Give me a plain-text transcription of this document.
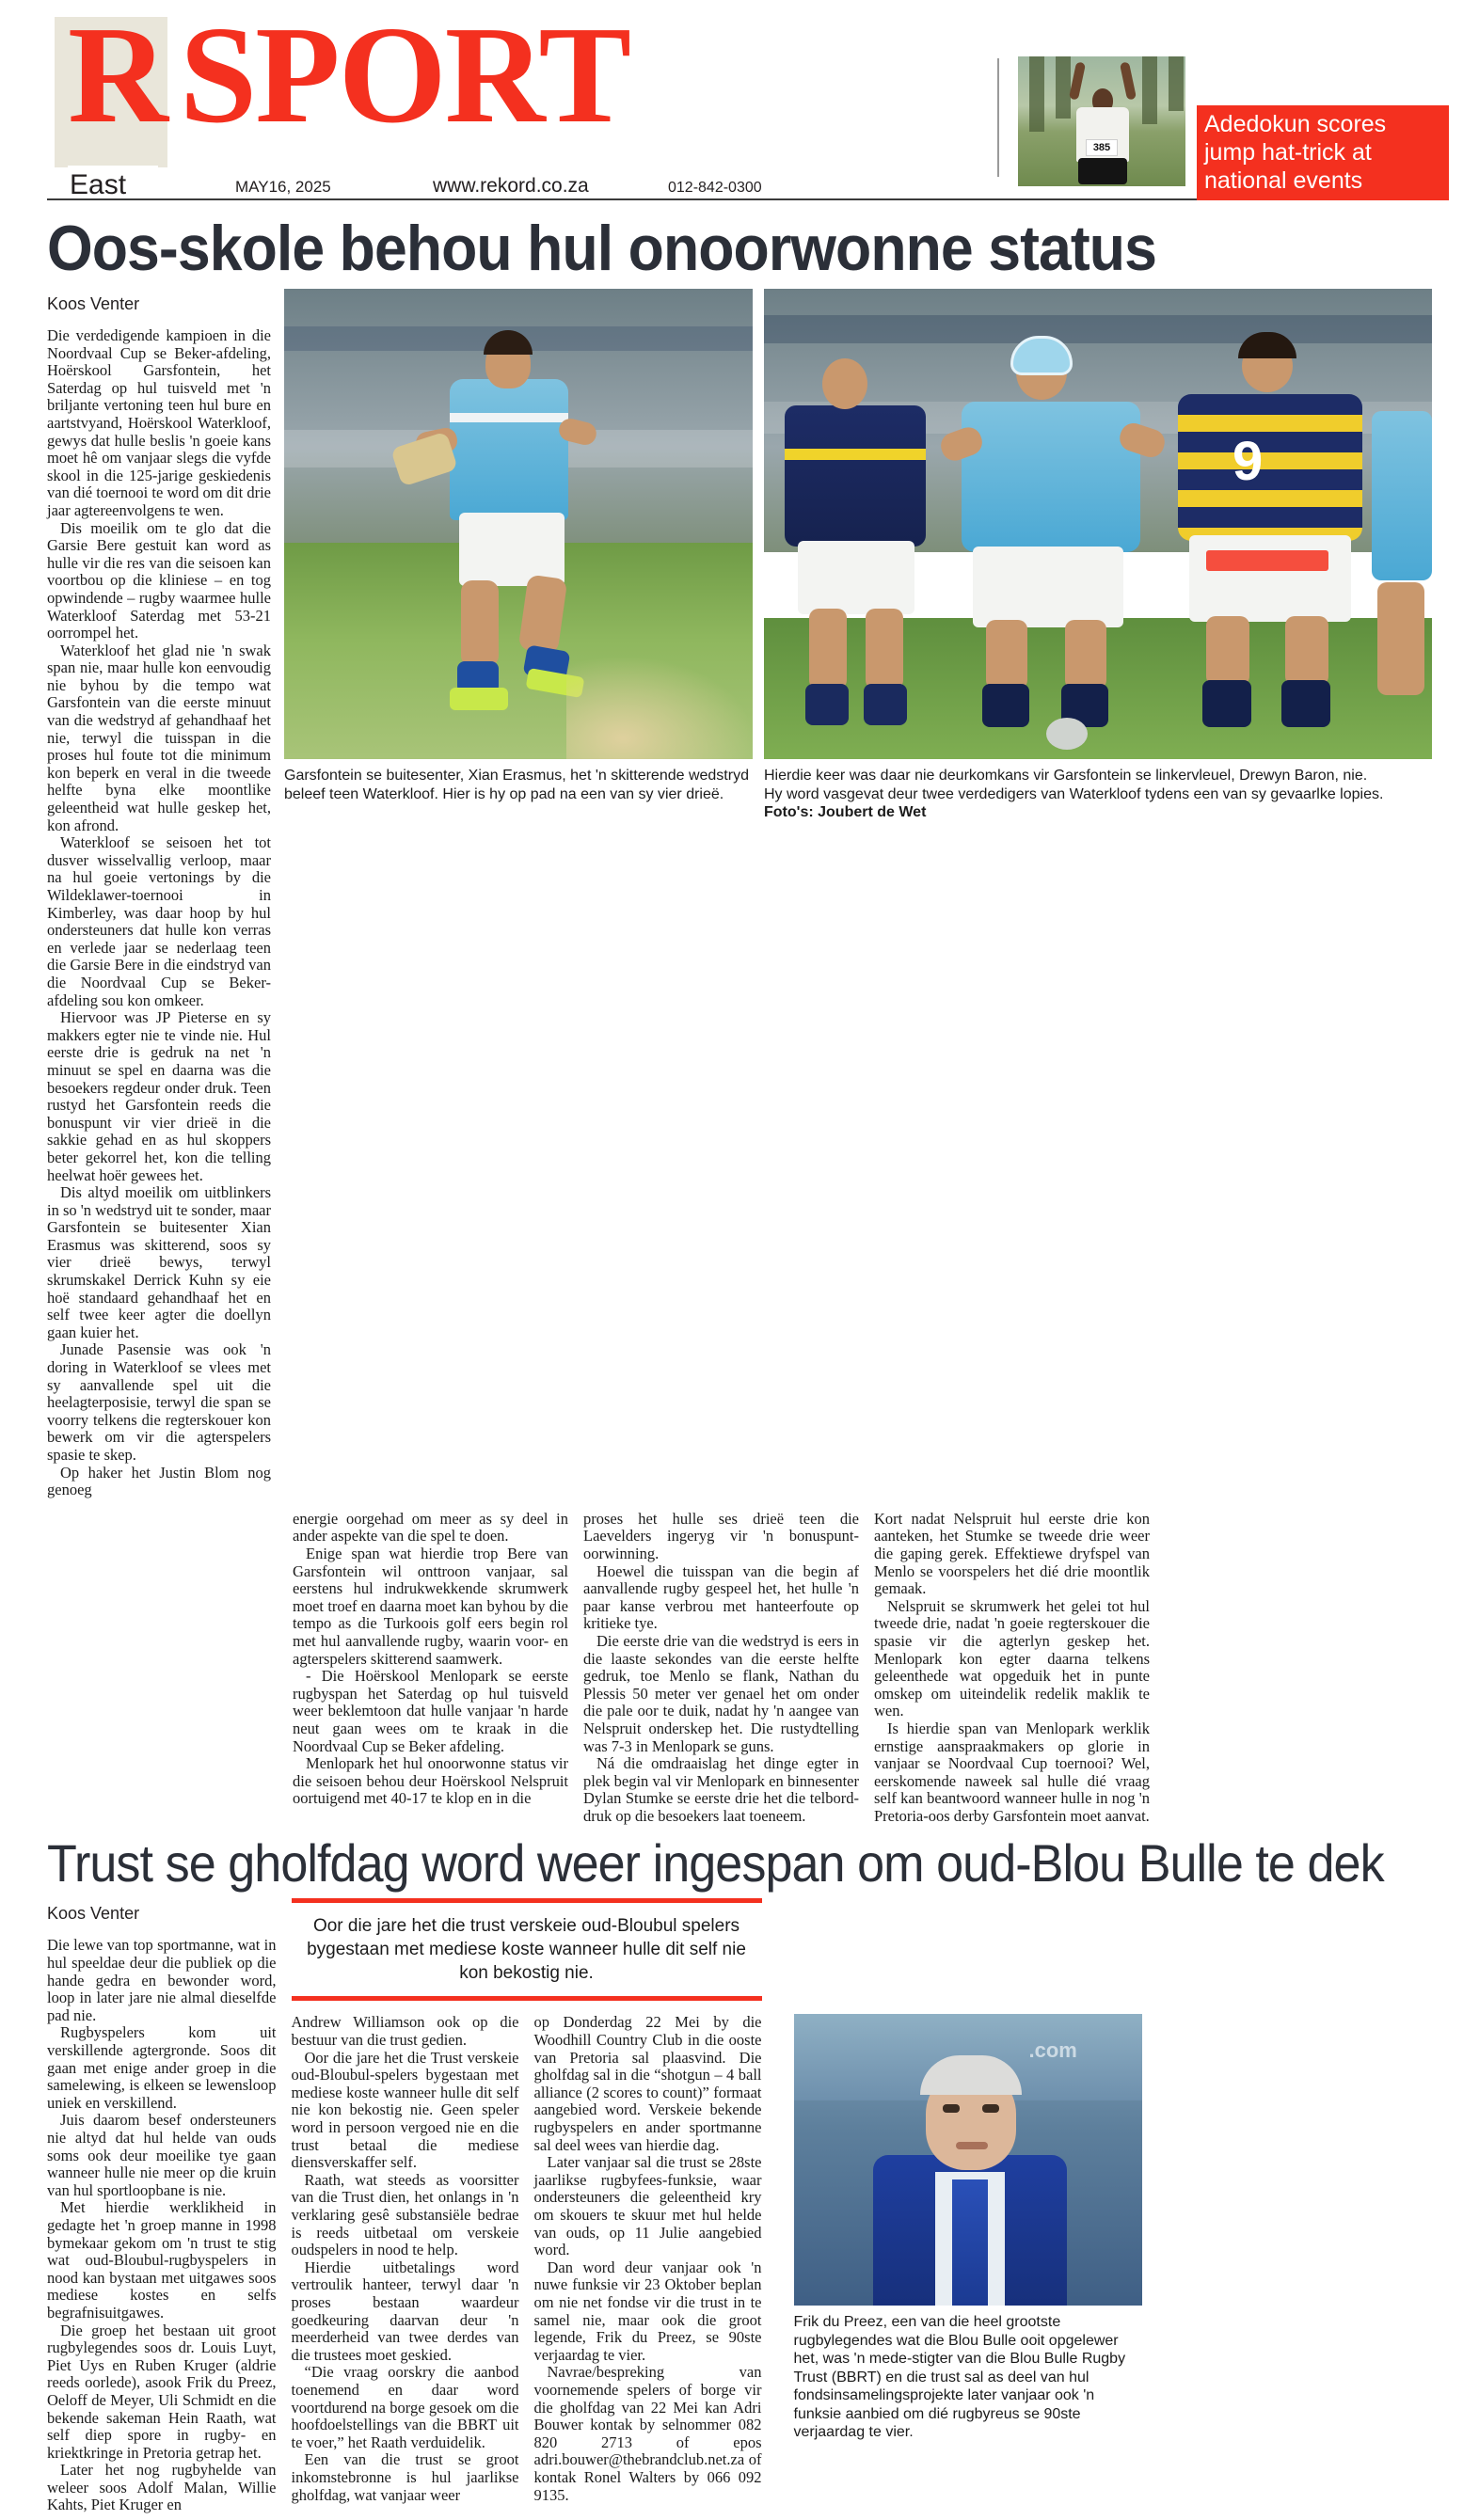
RSPORT
East	MAY16, 2025	www.rekord.co.za	012-842-0300
385
Adedokun scores
jump hat-trick at
national events
Oos-skole behou hul onoorwonne status
Koos Venter

Die verdedigende kampioen in die Noordvaal Cup se Beker-afdeling, Hoërskool Garsfontein, het Saterdag op hul tuisveld met 'n briljante vertoning teen hul bure en aartstvyand, Hoërskool Waterkloof, gewys dat hulle beslis 'n goeie kans moet hê om vanjaar slegs die vyfde skool in die 125-jarige geskiedenis van dié toernooi te word om dit drie jaar agtereenvolgens te wen.

Dis moeilik om te glo dat die Garsie Bere gestuit kan word as hulle vir die res van die seisoen kan voortbou op die kliniese – en tog opwindende – rugby waarmee hulle Waterkloof Saterdag met 53-21 oorrompel het.

Waterkloof het glad nie 'n swak span nie, maar hulle kon eenvoudig nie byhou by die tempo wat Garsfontein van die eerste minuut van die wedstryd af gehandhaaf het nie, terwyl die tuisspan in die proses hul foute tot die minimum kon beperk en veral in die tweede helfte byna elke moontlike geleentheid wat hulle geskep het, kon afrond.

Waterkloof se seisoen het tot dusver wisselvallig verloop, maar na hul goeie vertonings by die Wildeklawer-toernooi in Kimberley, was daar hoop by hul ondersteuners dat hulle kon verras en verlede jaar se nederlaag teen die Garsie Bere in die eindstryd van die Noordvaal Cup se Beker-afdeling sou kon omkeer.

Hiervoor was JP Pieterse en sy makkers egter nie te vinde nie. Hul eerste drie is gedruk na net 'n minuut se spel en daarna was die besoekers regdeur onder druk. Teen rustyd het Garsfontein reeds die bonuspunt vir vier drieë in die sakkie gehad en as hul skoppers beter gekorrel het, kon die telling heelwat hoër gewees het.

Dis altyd moeilik om uitblinkers in so 'n wedstryd uit te sonder, maar Garsfontein se buitesenter Xian Erasmus was skitterend, soos sy vier drieë bewys, terwyl skrumskakel Derrick Kuhn sy eie hoë standaard gehandhaaf het en self twee keer agter die doellyn gaan kuier het.

Junade Pasensie was ook 'n doring in Waterkloof se vlees met sy aanvallende spel uit die heelagterposisie, terwyl die span se voorry telkens die regterskouer kon bewerk om vir die agterspelers spasie te skep.

Op haker het Justin Blom nog genoeg

Garsfontein se buitesenter, Xian Erasmus, het 'n skitterende wedstryd beleef teen Waterkloof. Hier is hy op pad na een van sy vier drieë.
9
Hierdie keer was daar nie deurkomkans vir Garsfontein se linkervleuel, Drewyn Baron, nie.
Hy word vasgevat deur twee verdedigers van Waterkloof tydens een van sy gevaarlke lopies.
Foto's: Joubert de Wet

energie oorgehad om meer as sy deel in ander aspekte van die spel te doen.

Enige span wat hierdie trop Bere van Garsfontein wil onttroon vanjaar, sal eerstens hul indrukwekkende skrumwerk moet troef en daarna moet kan byhou by die tempo as die Turkoois golf eers begin rol met hul aanvallende rugby, waarin voor- en agterspelers skitterend saamwerk.

- Die Hoërskool Menlopark se eerste rugbyspan het Saterdag op hul tuisveld weer beklemtoon dat hulle vanjaar 'n harde neut gaan wees om te kraak in die Noordvaal Cup se Beker afdeling.

Menlopark het hul onoorwonne status vir die seisoen behou deur Hoërskool Nelspruit oortuigend met 40-17 te klop en in die

proses het hulle ses drieë teen die Laevelders ingeryg vir 'n bonuspunt-oorwinning.

Hoewel die tuisspan van die begin af aanvallende rugby gespeel het, het hulle 'n paar kanse verbrou met hanteerfoute op kritieke tye.

Die eerste drie van die wedstryd is eers in die laaste sekondes van die eerste helfte gedruk, toe Menlo se flank, Nathan du Plessis 50 meter ver genael het om onder die pale oor te duik, nadat hy 'n aangee van Nelspruit onderskep het. Die rustydtelling was 7-3 in Menlopark se guns.

Ná die omdraaislag het dinge egter in plek begin val vir Menlopark en binnesenter Dylan Stumke se eerste drie het die telbord-druk op die besoekers laat toeneem.

Kort nadat Nelspruit hul eerste drie kon aanteken, het Stumke se tweede drie weer die gaping gerek. Effektiewe dryfspel van Menlo se voorspelers het dié drie moontlik gemaak.

Nelspruit se skrumwerk het gelei tot hul tweede drie, nadat 'n goeie regterskouer die spasie vir die agterlyn geskep het. Menlopark kon egter daarna telkens geleenthede wat opgeduik het in punte omskep om uiteindelik redelik maklik te wen.

Is hierdie span van Menlopark werklik ernstige aanspraakmakers op glorie in vanjaar se Noordvaal Cup toernooi? Wel, eerskomende naweek sal hulle dié vraag self kan beantwoord wanneer hulle in nog 'n Pretoria-oos derby Garsfontein moet aanvat.

Trust se gholfdag word weer ingespan om oud-Blou Bulle te dek
Koos Venter

Die lewe van top sportmanne, wat in hul speeldae deur die publiek op die hande gedra en bewonder word, loop in later jare nie almal dieselfde pad nie.

Rugbyspelers kom uit verskillende agtergronde. Soos dit gaan met enige ander groep in die samelewing, is elkeen se lewensloop uniek en verskillend.

Juis daarom besef ondersteuners nie altyd dat hul helde van ouds soms ook deur moeilike tye gaan wanneer hulle nie meer op die kruin van hul sportloopbane is nie.

Met hierdie werklikheid in gedagte het 'n groep manne in 1998 bymekaar gekom om 'n trust te stig wat oud-Bloubul-rugbyspelers in nood kan bystaan met uitgawes soos mediese kostes en selfs begrafnisuitgawes.

Die groep het bestaan uit groot rugbylegendes soos dr. Louis Luyt, Piet Uys en Ruben Kruger (aldrie reeds oorlede), asook Frik du Preez, Oeloff de Meyer, Uli Schmidt en die bekende sakeman Hein Raath, wat self diep spore in rugby- en kriektkringe in Pretoria getrap het.

Later het nog rugbyhelde van weleer soos Adolf Malan, Willie Kahts, Piet Kruger en

Oor die jare het die trust verskeie oud-Bloubul spelers bygestaan met mediese koste wanneer hulle dit self nie kon bekostig nie.

Andrew Williamson ook op die bestuur van die trust gedien.

Oor die jare het die Trust verskeie oud-Bloubul-spelers bygestaan met mediese koste wanneer hulle dit self nie kon bekostig nie. Geen speler word in persoon vergoed nie en die trust betaal die mediese diensverskaffer self.

Raath, wat steeds as voorsitter van die Trust dien, het onlangs in 'n verklaring gesê substansiële bedrae is reeds uitbetaal om verskeie oudspelers in nood te help.

Hierdie uitbetalings word vertroulik hanteer, terwyl daar 'n proses bestaan waardeur goedkeuring daarvan deur 'n meerderheid van twee derdes van die trustees moet geskied.

“Die vraag oorskry die aanbod toenemend en daar word voortdurend na borge gesoek om die hoofdoelstellings van die BBRT uit te voer,” het Raath verduidelik.

Een van die trust se groot inkomstebronne is hul jaarlikse gholfdag, wat vanjaar weer

op Donderdag 22 Mei by die Woodhill Country Club in die ooste van Pretoria sal plaasvind. Die gholfdag sal in die “shotgun – 4 ball alliance (2 scores to count)” formaat aangebied word. Verskeie bekende rugbyspelers en ander sportmanne sal deel wees van hierdie dag.

Later vanjaar sal die trust se 28ste jaarlikse rugbyfees-funksie, waar ondersteuners die geleentheid kry om skouers te skuur met hul helde van ouds, op 11 Julie aangebied word.

Dan word deur vanjaar ook 'n nuwe funksie vir 23 Oktober beplan om nie net fondse vir die trust in te samel nie, maar ook die groot legende, Frik du Preez, se 90ste verjaardag te vier.

Navrae/bespreking van voornemende spelers of borge vir die gholfdag van 22 Mei kan Adri Bouwer kontak by selnommer 082 820 2713 of epos adri.bouwer@thebrandclub.net.za of kontak Ronel Walters by 066 092 9135.

.com
Frik du Preez, een van die heel grootste rugbylegendes wat die Blou Bulle ooit opgelewer het, was 'n mede-stigter van die Blou Bulle Rugby Trust (BBRT) en die trust sal as deel van hul fondsinsamelingsprojekte later vanjaar ook 'n funksie aanbied om dié rugbyreus se 90ste verjaardag te vier.
